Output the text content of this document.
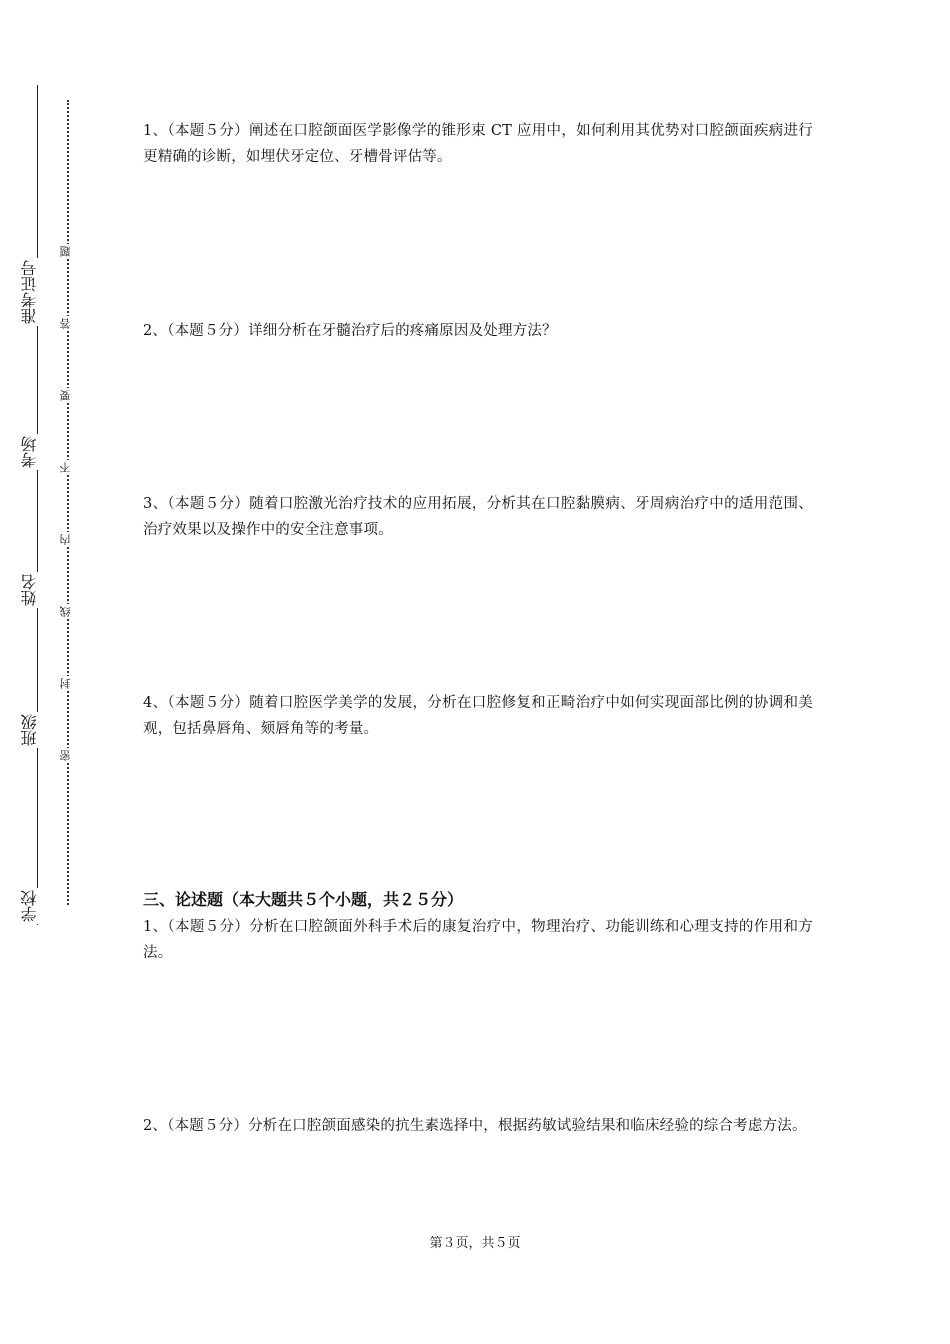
准考证号
考场
姓名
班级
学校
题
答
要
不
内
线
封
密
1、（本题５分）阐述在口腔颌面医学影像学的锥形束 CT 应用中，如何利用其优势对口腔颌面疾病进行更精确的诊断，如埋伏牙定位、牙槽骨评估等。
2、（本题５分）详细分析在牙髓治疗后的疼痛原因及处理方法？
3、（本题５分）随着口腔激光治疗技术的应用拓展，分析其在口腔黏膜病、牙周病治疗中的适用范围、治疗效果以及操作中的安全注意事项。
4、（本题５分）随着口腔医学美学的发展，分析在口腔修复和正畸治疗中如何实现面部比例的协调和美观，包括鼻唇角、颏唇角等的考量。
三、论述题（本大题共５个小题，共２５分）
1、（本题５分）分析在口腔颌面外科手术后的康复治疗中，物理治疗、功能训练和心理支持的作用和方法。
2、（本题５分）分析在口腔颌面感染的抗生素选择中，根据药敏试验结果和临床经验的综合考虑方法。
第３页，共５页
